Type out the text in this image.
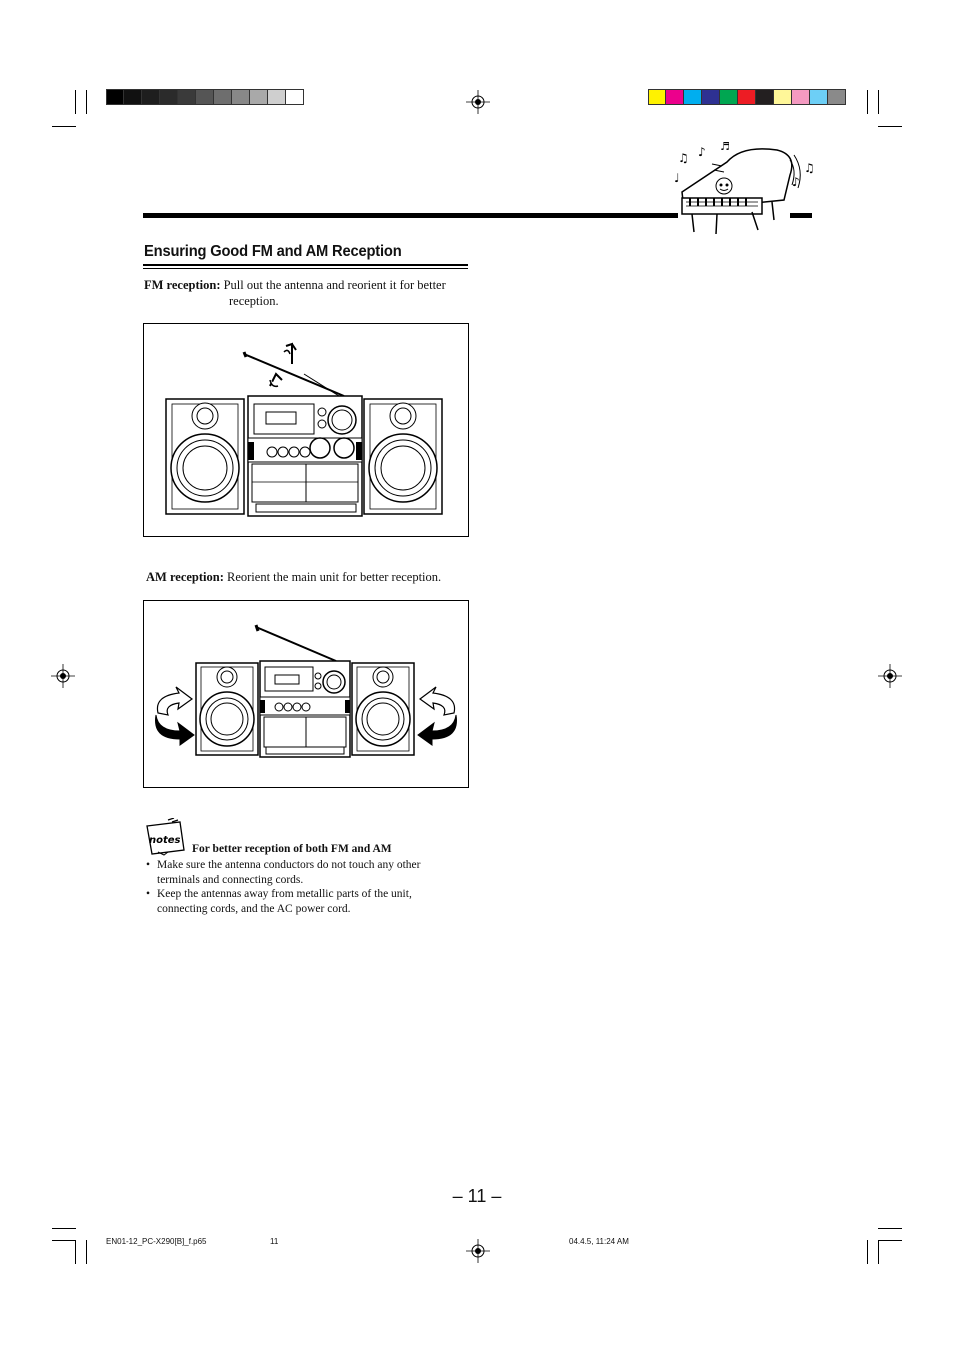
♩
♫ ♪ ♬
♪
♫
Ensuring Good FM and AM Reception
FM reception: Pull out the antenna and reorient it for better
reception.
AM reception: Reorient the main unit for better reception.
notes
For better reception of both FM and AM
• Make sure the antenna conductors do not touch any other terminals and connecting cords.
• Keep the antennas away from metallic parts of the unit, connecting cords, and the AC power cord.
– 11 –
EN01-12_PC-X290[B]_f.p65	11	04.4.5, 11:24 AM
